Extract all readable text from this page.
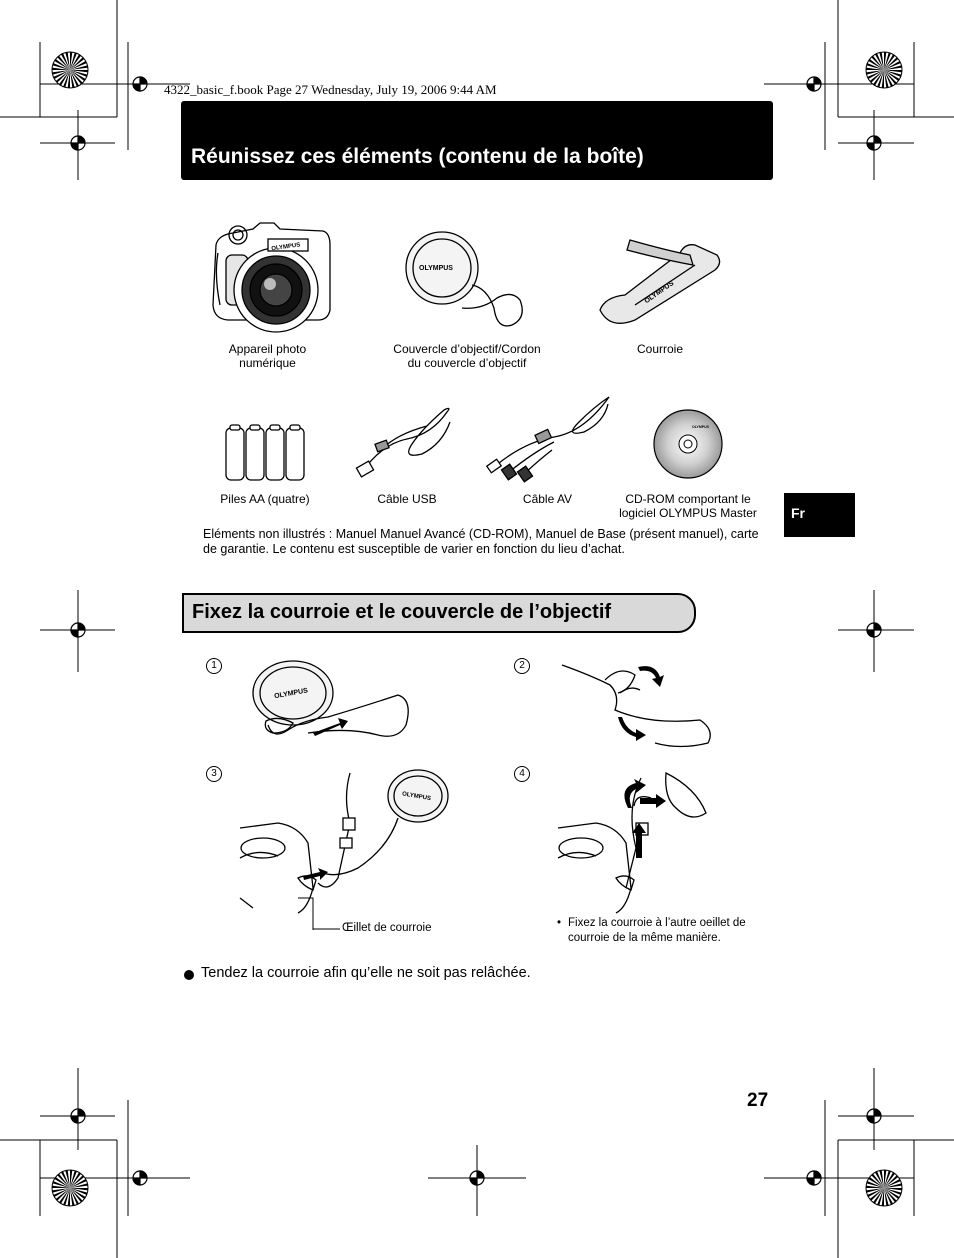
4322_basic_f.book Page 27 Wednesday, July 19, 2006 9:44 AM
Réunissez ces éléments (contenu de la boîte)
OLYMPUS
Appareil photo numérique
OLYMPUS
Couvercle d’objectif/Cordon du couvercle d’objectif
OLYMPUS
Courroie
Piles AA (quatre)	Câble USB	Câble AV
OLYMPUS
CD-ROM comportant le logiciel OLYMPUS Master	Fr
Eléments non illustrés : Manuel Manuel Avancé (CD-ROM), Manuel de Base (présent manuel), carte de garantie. Le contenu est susceptible de varier en fonction du lieu d’achat.
Fixez la courroie et le couvercle de l’objectif
1	2
3	4
OLYMPUS
OLYMPUS
Œillet de courroie	• Fixez la courroie à l’autre oeillet de courroie de la même manière.
Tendez la courroie afin qu’elle ne soit pas relâchée.
27
